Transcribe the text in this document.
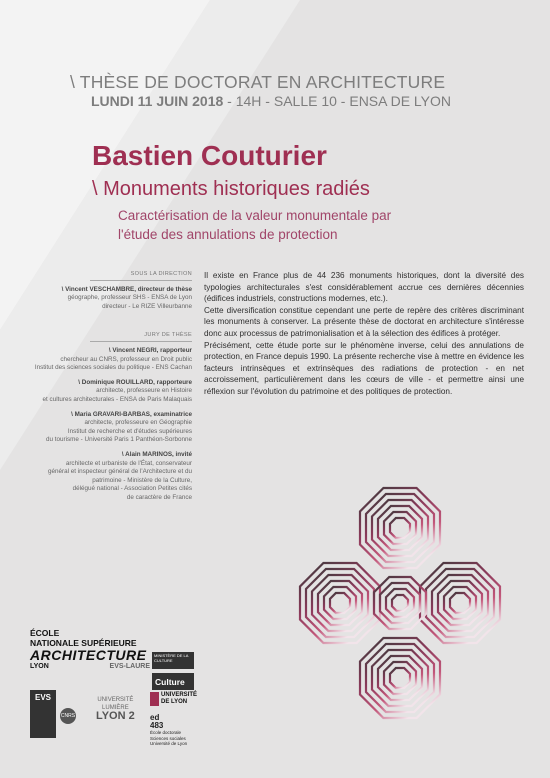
\ THÈSE DE DOCTORAT EN ARCHITECTURE
LUNDI 11 JUIN 2018 - 14H - SALLE 10 - ENSA DE LYON
Bastien Couturier
\ Monuments historiques radiés
Caractérisation de la valeur monumentale par
l'étude des annulations de protection
SOUS LA DIRECTION
\ Vincent VESCHAMBRE, directeur de thèse
géographe, professeur SHS - ENSA de Lyon
directeur - Le RIZE Villeurbanne
JURY DE THÈSE
\ Vincent NEGRI, rapporteur
chercheur au CNRS, professeur en Droit public
Institut des sciences sociales du politique - ENS Cachan
\ Dominique ROUILLARD, rapporteure
architecte, professeure en Histoire
et cultures architecturales - ENSA de Paris Malaquais
\ Maria GRAVARI-BARBAS, examinatrice
architecte, professeure en Géographie
Institut de recherche et d'études supérieures
du tourisme - Université Paris 1 Panthéon-Sorbonne
\ Alain MARINOS, invité
architecte et urbaniste de l'État, conservateur
général et inspecteur général de l'Architecture et du
patrimoine - Ministère de la Culture,
délégué national - Association Petites cités
de caractère de France

Il existe en France plus de 44 236 monuments historiques, dont la diversité des typologies architecturales s'est considérablement accrue ces dernières décennies (édifices industriels, constructions modernes, etc.).

Cette diversification constitue cependant une perte de repère des critères discriminant les monuments à conserver. La présente thèse de doctorat en architecture s'intéresse donc aux processus de patrimonialisation et à la sélection des édifices à protéger.

Précisément, cette étude porte sur le phénomène inverse, celui des annulations de protection, en France depuis 1990. La présente recherche vise à mettre en évidence les facteurs intrinsèques et extrinsèques des radiations de protection - en net accroissement, particulièrement dans les cœurs de ville - et permettre ainsi une réflexion sur l'évolution du patrimoine et des politiques de protection.

ÉCOLE
NATIONALE SUPÉRIEURE
ARCHITECTURE
LYON	EVS-LAURE
MINISTÈRE DE LA CULTURE
Culture
EVS
CNRS
UNIVERSITÉ
LUMIÈRE
LYON 2
UNIVERSITÉ
DE LYON
ed
483École doctorale
Sciences sociales
Université de Lyon
